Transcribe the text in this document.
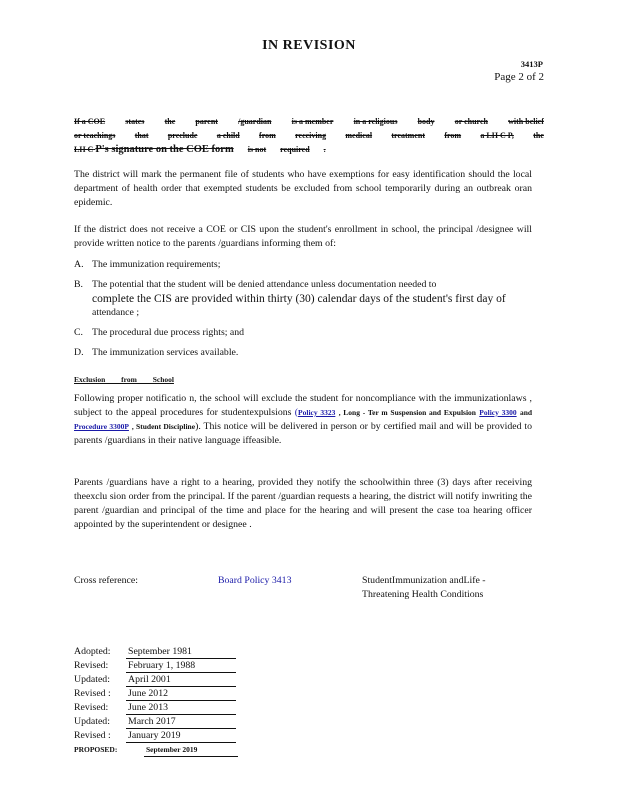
IN REVISION
3413P
Page 2 of 2
If a COE	states	the	parent	/guardian	is a member	in a religious	body	or church	with belief
or teachings that preclude a child from receiving medical treatment from a LH C P, the
LH C P's signature on the COE form is not required .

The district will mark the permanent file of students who have exemptions for easy identification should the local department of health order that exempted students be excluded from school temporarily during an outbreak oran epidemic.

If the district does not receive a COE or CIS upon the student's enrollment in school, the principal /designee will provide written notice to the parents /guardians informing them of:

A. The immunization requirements;
B. The potential that the student will be denied attendance unless documentation needed to
complete the CIS are provided within thirty (30) calendar days of the student's first day of
attendance ;
C. The procedural due process rights; and
D. The immunization services available.
Exclusion from School

Following proper notificatio n, the school will exclude the student for noncompliance with the immunizationlaws , subject to the appeal procedures for studentexpulsions (Policy 3323 , Long - Ter m Suspension and Expulsion Policy 3300 and Procedure 3300P , Student Discipline). This notice will be delivered in person or by certified mail and will be provided to parents /guardians in their native language iffeasible.

Parents /guardians have a right to a hearing, provided they notify the schoolwithin three (3) days after receiving theexclu sion order from the principal. If the parent /guardian requests a hearing, the district will notify inwriting the parent /guardian and principal of the time and place for the hearing and will present the case toa hearing officer appointed by the superintendent or designee .

Cross reference:	Board Policy 3413	StudentImmunization andLife -
Threatening Health Conditions
Adopted:	September 1981
Revised:	February 1, 1988
Updated:	April 2001
Revised :	June 2012
Revised:	June 2013
Updated:	March 2017
Revised :	January 2019
PROPOSED:	September 2019
